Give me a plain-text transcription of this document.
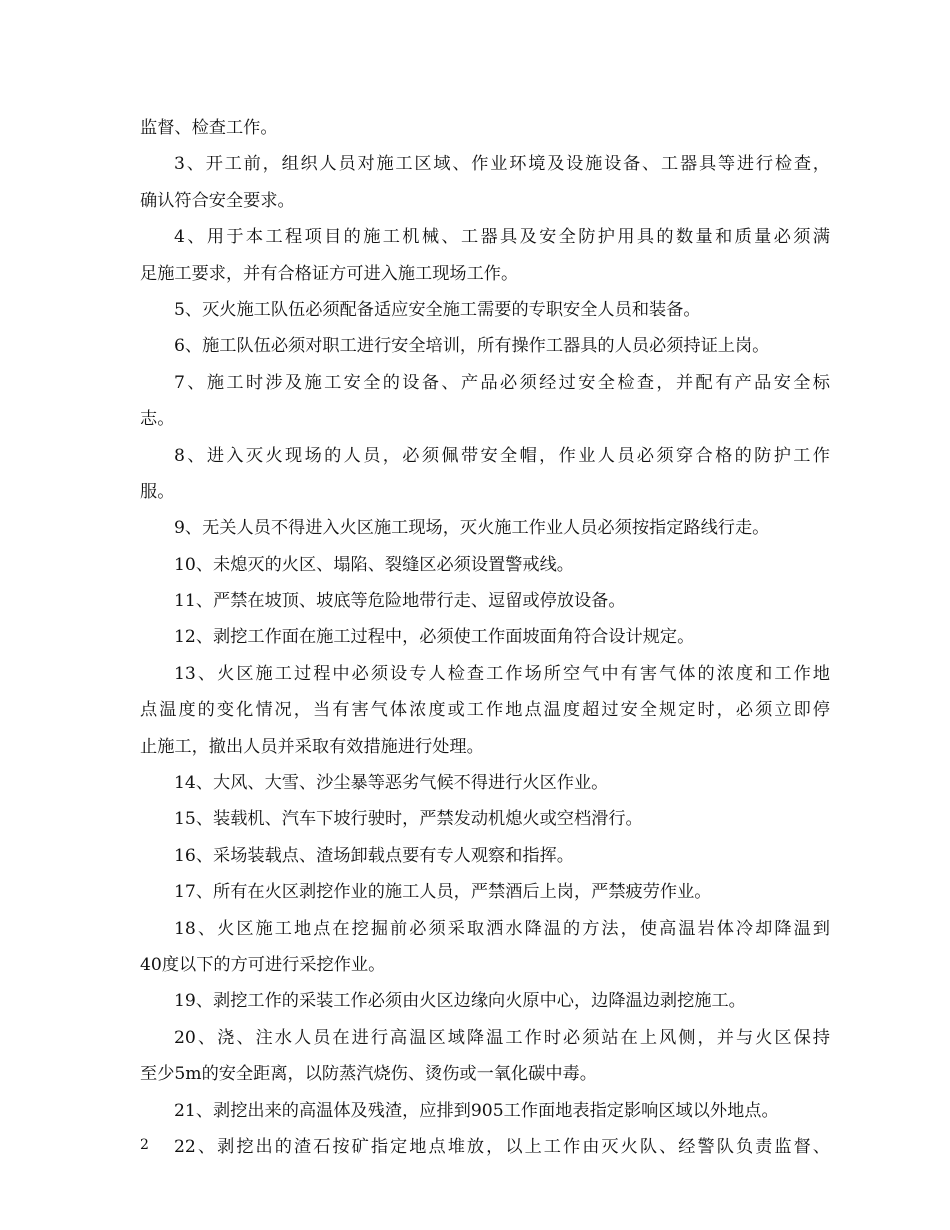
监督、检查工作。
3、开工前，组织人员对施工区域、作业环境及设施设备、工器具等进行检查，
确认符合安全要求。
4、用于本工程项目的施工机械、工器具及安全防护用具的数量和质量必须满
足施工要求，并有合格证方可进入施工现场工作。
5、灭火施工队伍必须配备适应安全施工需要的专职安全人员和装备。
6、施工队伍必须对职工进行安全培训，所有操作工器具的人员必须持证上岗。
7、施工时涉及施工安全的设备、产品必须经过安全检查，并配有产品安全标
志。
8、进入灭火现场的人员，必须佩带安全帽，作业人员必须穿合格的防护工作
服。
9、无关人员不得进入火区施工现场，灭火施工作业人员必须按指定路线行走。
10、未熄灭的火区、塌陷、裂缝区必须设置警戒线。
11、严禁在坡顶、坡底等危险地带行走、逗留或停放设备。
12、剥挖工作面在施工过程中，必须使工作面坡面角符合设计规定。
13、火区施工过程中必须设专人检查工作场所空气中有害气体的浓度和工作地
点温度的变化情况，当有害气体浓度或工作地点温度超过安全规定时，必须立即停
止施工，撤出人员并采取有效措施进行处理。
14、大风、大雪、沙尘暴等恶劣气候不得进行火区作业。
15、装载机、汽车下坡行驶时，严禁发动机熄火或空档滑行。
16、采场装载点、渣场卸载点要有专人观察和指挥。
17、所有在火区剥挖作业的施工人员，严禁酒后上岗，严禁疲劳作业。
18、火区施工地点在挖掘前必须采取洒水降温的方法，使高温岩体冷却降温到
40度以下的方可进行采挖作业。
19、剥挖工作的采装工作必须由火区边缘向火原中心，边降温边剥挖施工。
20、浇、注水人员在进行高温区域降温工作时必须站在上风侧，并与火区保持
至少5m的安全距离，以防蒸汽烧伤、烫伤或一氧化碳中毒。
21、剥挖出来的高温体及残渣，应排到905工作面地表指定影响区域以外地点。
22、剥挖出的渣石按矿指定地点堆放，以上工作由灭火队、经警队负责监督、
2
